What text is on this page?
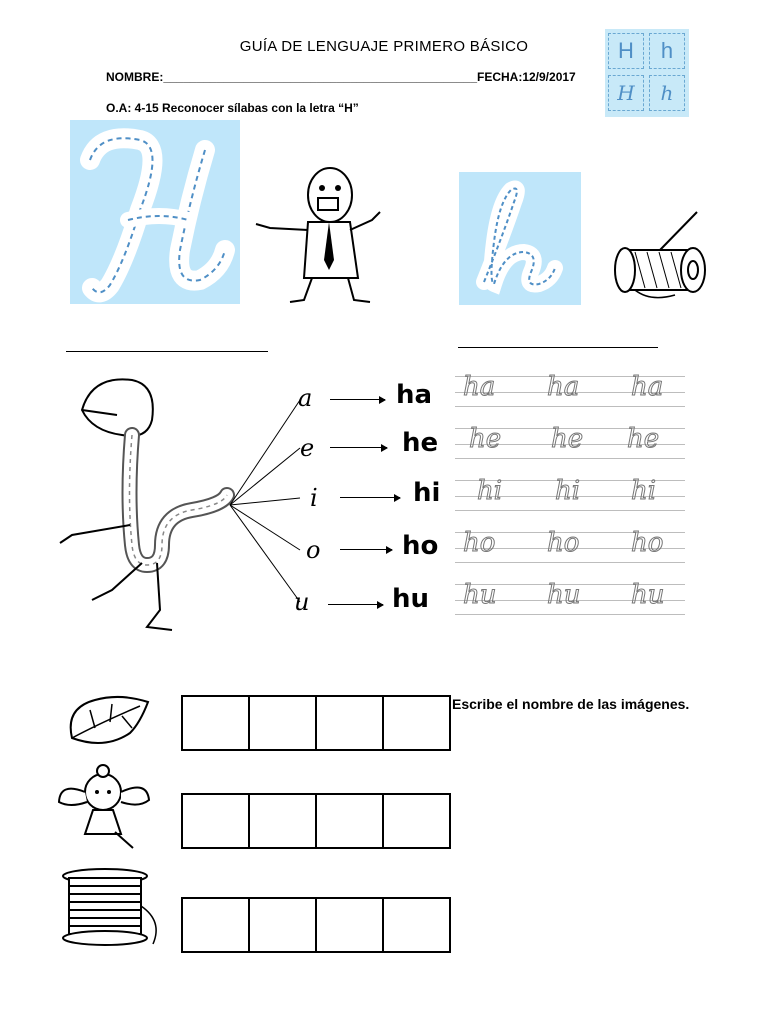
GUÍA DE LENGUAJE PRIMERO BÁSICO
NOMBRE:_______________________________________________FECHA:12/9/2017
O.A: 4-15 Reconocer sílabas con la letra “H”
H	h
H	h
a	ha
e	he
i	hi
o	ho
u	hu
ha ha ha
he he he
hi hi hi
ho ho ho
hu hu hu
Escribe el nombre de las imágenes.
